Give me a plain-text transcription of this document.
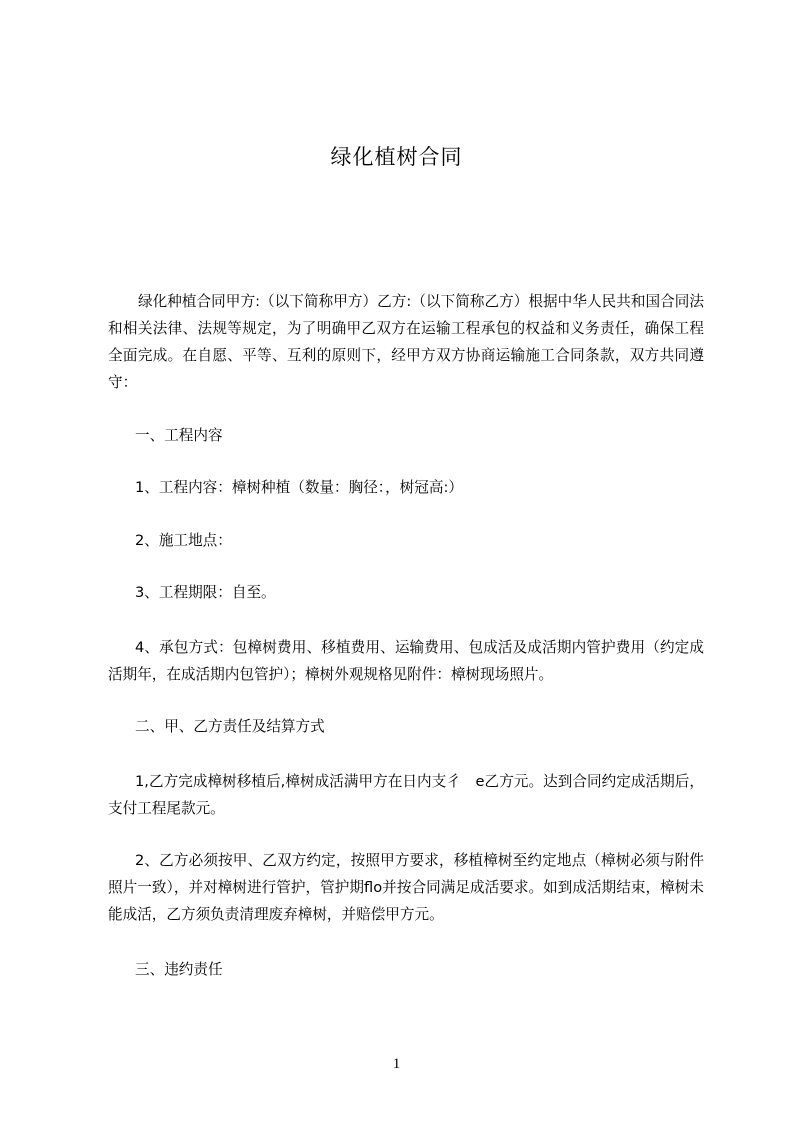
绿化植树合同

绿化种植合同甲方:（以下简称甲方）乙方:（以下简称乙方）根据中华人民共和国合同法和相关法律、法规等规定，为了明确甲乙双方在运输工程承包的权益和义务责任，确保工程全面完成。在自愿、平等、互利的原则下，经甲方双方协商运输施工合同条款，双方共同遵守：

一、工程内容

1、工程内容：樟树种植（数量：胸径：，树冠高:）

2、施工地点：

3、工程期限：自至。

4、承包方式：包樟树费用、移植费用、运输费用、包成活及成活期内管护费用（约定成活期年，在成活期内包管护）；樟树外观规格见附件：樟树现场照片。

二、甲、乙方责任及结算方式

1,乙方完成樟树移植后,樟树成活满甲方在日内支彳　e乙方元。达到合同约定成活期后，支付工程尾款元。

2、乙方必须按甲、乙双方约定，按照甲方要求，移植樟树至约定地点（樟树必须与附件照片一致），并对樟树进行管护，管护期flo并按合同满足成活要求。如到成活期结束，樟树未能成活，乙方须负责清理废弃樟树，并赔偿甲方元。

三、违约责任

1
